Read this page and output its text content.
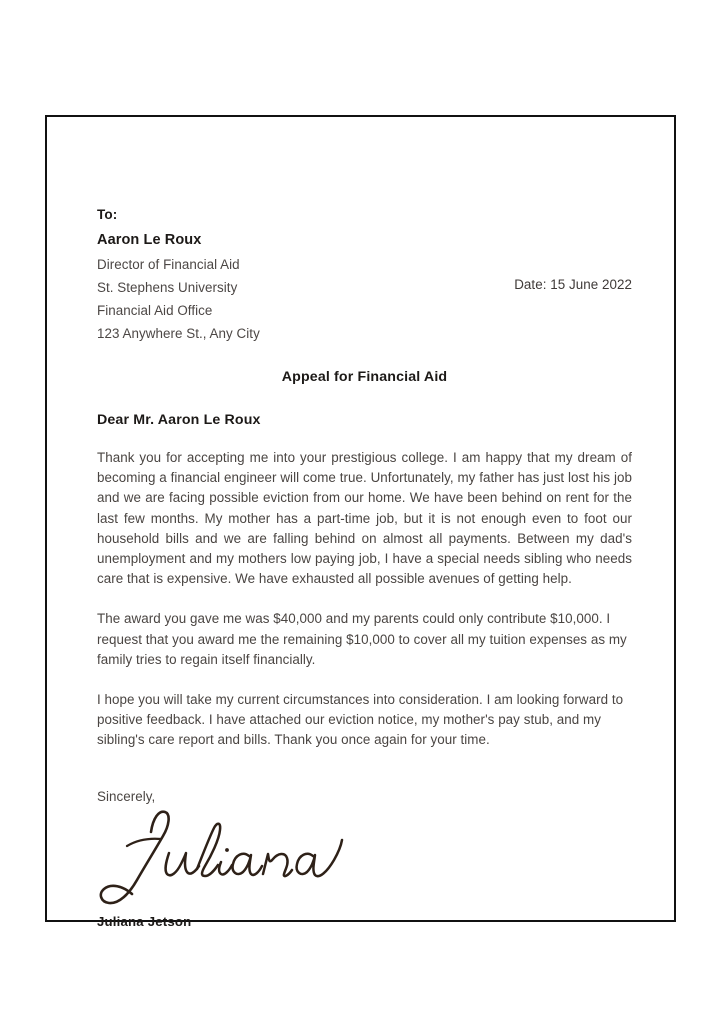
To:
Aaron Le Roux
Director of Financial Aid
St. Stephens University
Financial Aid Office
123 Anywhere St., Any City
Date: 15 June 2022
Appeal for Financial Aid
Dear Mr. Aaron Le Roux

Thank you for accepting me into your prestigious college. I am happy that my dream of becoming a financial engineer will come true. Unfortunately, my father has just lost his job and we are facing possible eviction from our home. We have been behind on rent for the last few months. My mother has a part-time job, but it is not enough even to foot our household bills and we are falling behind on almost all payments. Between my dad's unemployment and my mothers low paying job, I have a special needs sibling who needs care that is expensive. We have exhausted all possible avenues of getting help.

The award you gave me was $40,000 and my parents could only contribute $10,000. I request that you award me the remaining $10,000 to cover all my tuition expenses as my family tries to regain itself financially.

I hope you will take my current circumstances into consideration. I am looking forward to positive feedback. I have attached our eviction notice, my mother's pay stub, and my sibling's care report and bills. Thank you once again for your time.

Sincerely,
Juliana Jetson
